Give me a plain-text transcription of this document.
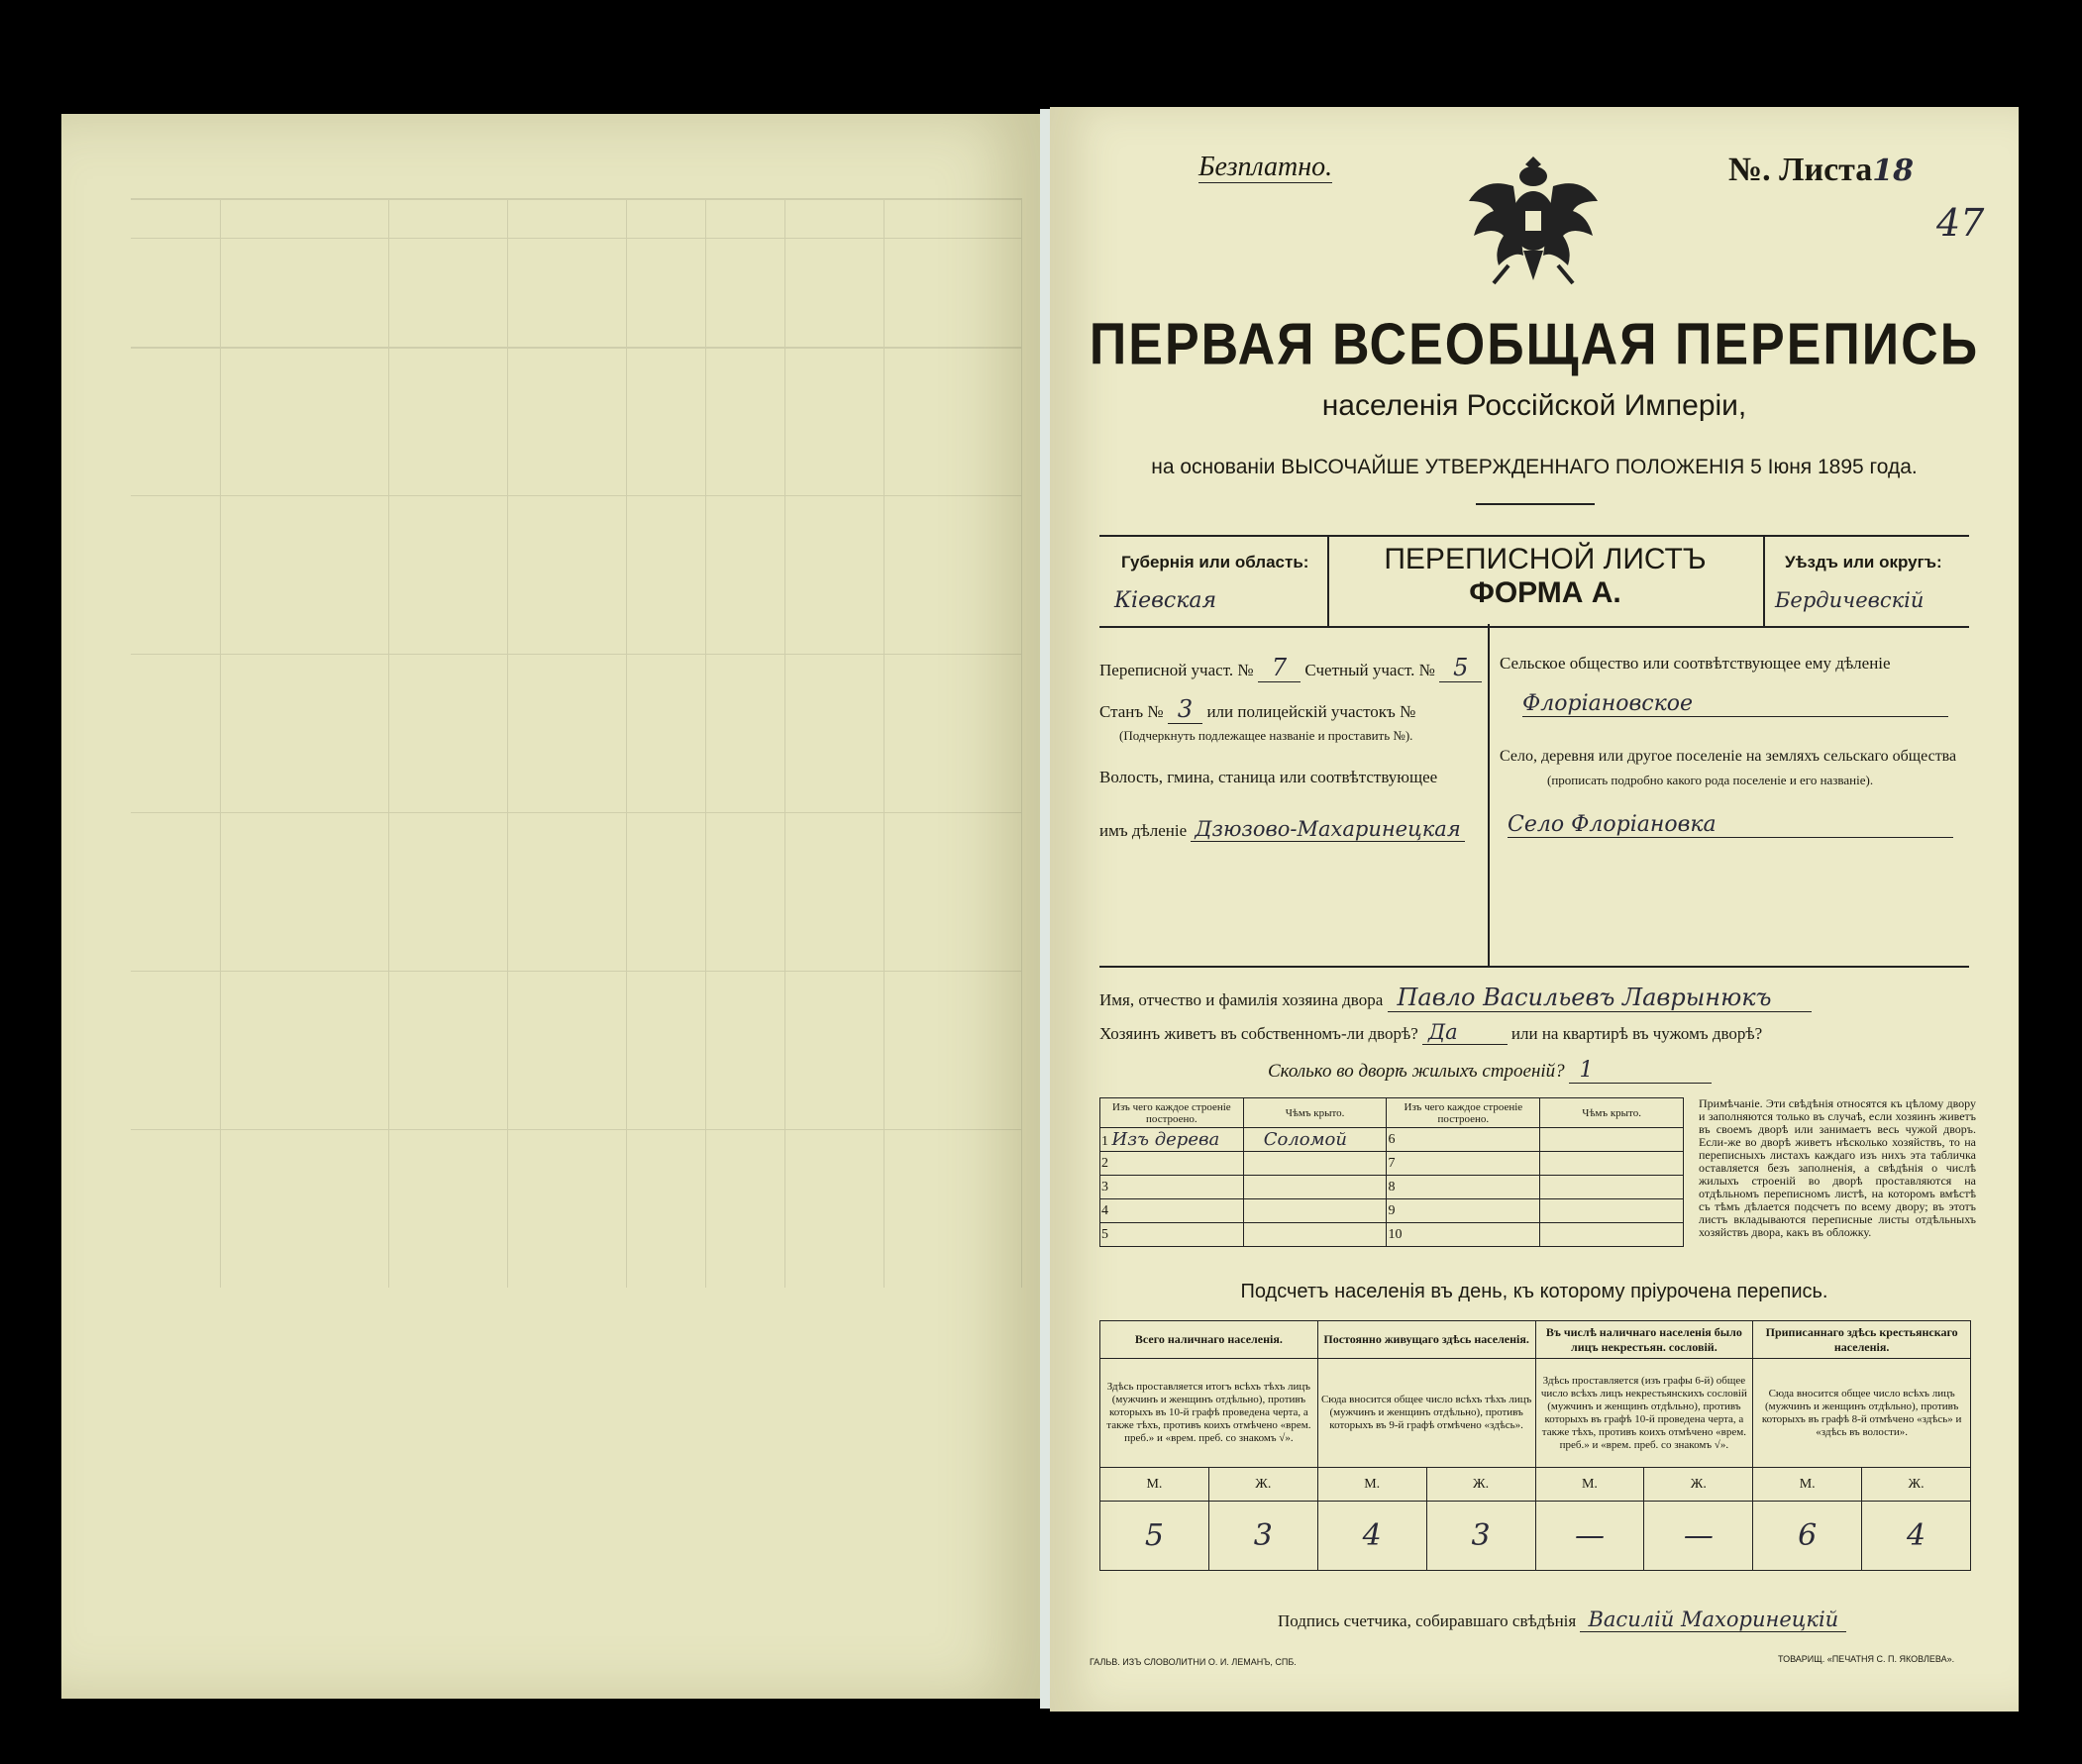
Безплатно.	№. Листа18
47
ПЕРВАЯ ВСЕОБЩАЯ ПЕРЕПИСЬ
населенія Россійской Имперіи,
на основаніи ВЫСОЧАЙШЕ УТВЕРЖДЕННАГО ПОЛОЖЕНІЯ 5 Іюня 1895 года.
Губернія или область:
Кіевская
ПЕРЕПИСНОЙ ЛИСТЪ
ФОРМА А.
Уѣздъ или округъ:
Бердичевскій
Переписной участ. № 7 Счетный участ. № 5
Станъ № 3 или полицейскій участокъ №
(Подчеркнуть подлежащее названіе и проставить №).
Волость, гмина, станица или соотвѣтствующее
имъ дѣленіе Дзюзово-Махаринецкая
Сельское общество или соотвѣтствующее ему дѣленіе
Флоріановское
Село, деревня или другое поселеніе на земляхъ сельскаго общества
(прописать подробно какого рода поселеніе и его названіе).
Село Флоріановка
Имя, отчество и фамилія хозяина двора Павло Васильевъ Лаврынюкъ
Хозяинъ живетъ въ собственномъ-ли дворѣ? Да	или на квартирѣ въ чужомъ дворѣ?
Сколько во дворѣ жилыхъ строеній? 1
Изъ чего каждое строеніе построено.	Чѣмъ крыто.	Изъ чего каждое строеніе построено.	Чѣмъ крыто.
1 Изъ дерева	Соломой	6	
2		7	
3		8	
4		9	
5		10	
Примѣчаніе. Эти свѣдѣнія относятся къ цѣлому двору и заполняются только въ случаѣ, если хозяинъ живетъ въ своемъ дворѣ или занимаетъ весь чужой дворъ. Если-же во дворѣ живетъ нѣсколько хозяйствъ, то на переписныхъ листахъ каждаго изъ нихъ эта табличка оставляется безъ заполненія, а свѣдѣнія о числѣ жилыхъ строеній во дворѣ проставляются на отдѣльномъ переписномъ листѣ, на которомъ вмѣстѣ съ тѣмъ дѣлается подсчетъ по всему двору; въ этотъ листъ вкладываются переписные листы отдѣльныхъ хозяйствъ двора, какъ въ обложку.
Подсчетъ населенія въ день, къ которому пріурочена перепись.
Всего наличнаго населенія.		Постоянно живущаго здѣсь населенія.		Въ числѣ наличнаго населенія было лицъ некрестьян. сословій.		Приписаннаго здѣсь крестьянскаго населенія.	
Здѣсь проставляется итогъ всѣхъ тѣхъ лицъ (мужчинъ и женщинъ отдѣльно), противъ которыхъ въ 10-й графѣ проведена черта, а также тѣхъ, противъ коихъ отмѣчено «врем. преб.» и «врем. преб. со знакомъ √».		Сюда вносится общее число всѣхъ тѣхъ лицъ (мужчинъ и женщинъ отдѣльно), противъ которыхъ въ 9-й графѣ отмѣчено «здѣсь».		Здѣсь проставляется (изъ графы 6-й) общее число всѣхъ лицъ некрестьянскихъ сословій (мужчинъ и женщинъ отдѣльно), противъ которыхъ въ графѣ 10-й проведена черта, а также тѣхъ, противъ коихъ отмѣчено «врем. преб.» и «врем. преб. со знакомъ √».		Сюда вносится общее число всѣхъ лицъ (мужчинъ и женщинъ отдѣльно), противъ которыхъ въ графѣ 8-й отмѣчено «здѣсь» и «здѣсь въ волости».	
М.	Ж.	М.	Ж.	М.	Ж.	М.	Ж.
5	3	4	3	—	—	6	4
Подпись счетчика, собиравшаго свѣдѣнія Василій Махоринецкій
ГАЛЬВ. ИЗЪ СЛОВОЛИТНИ О. И. ЛЕМАНЪ, СПБ.	ТОВАРИЩ. «ПЕЧАТНЯ С. П. ЯКОВЛЕВА».
